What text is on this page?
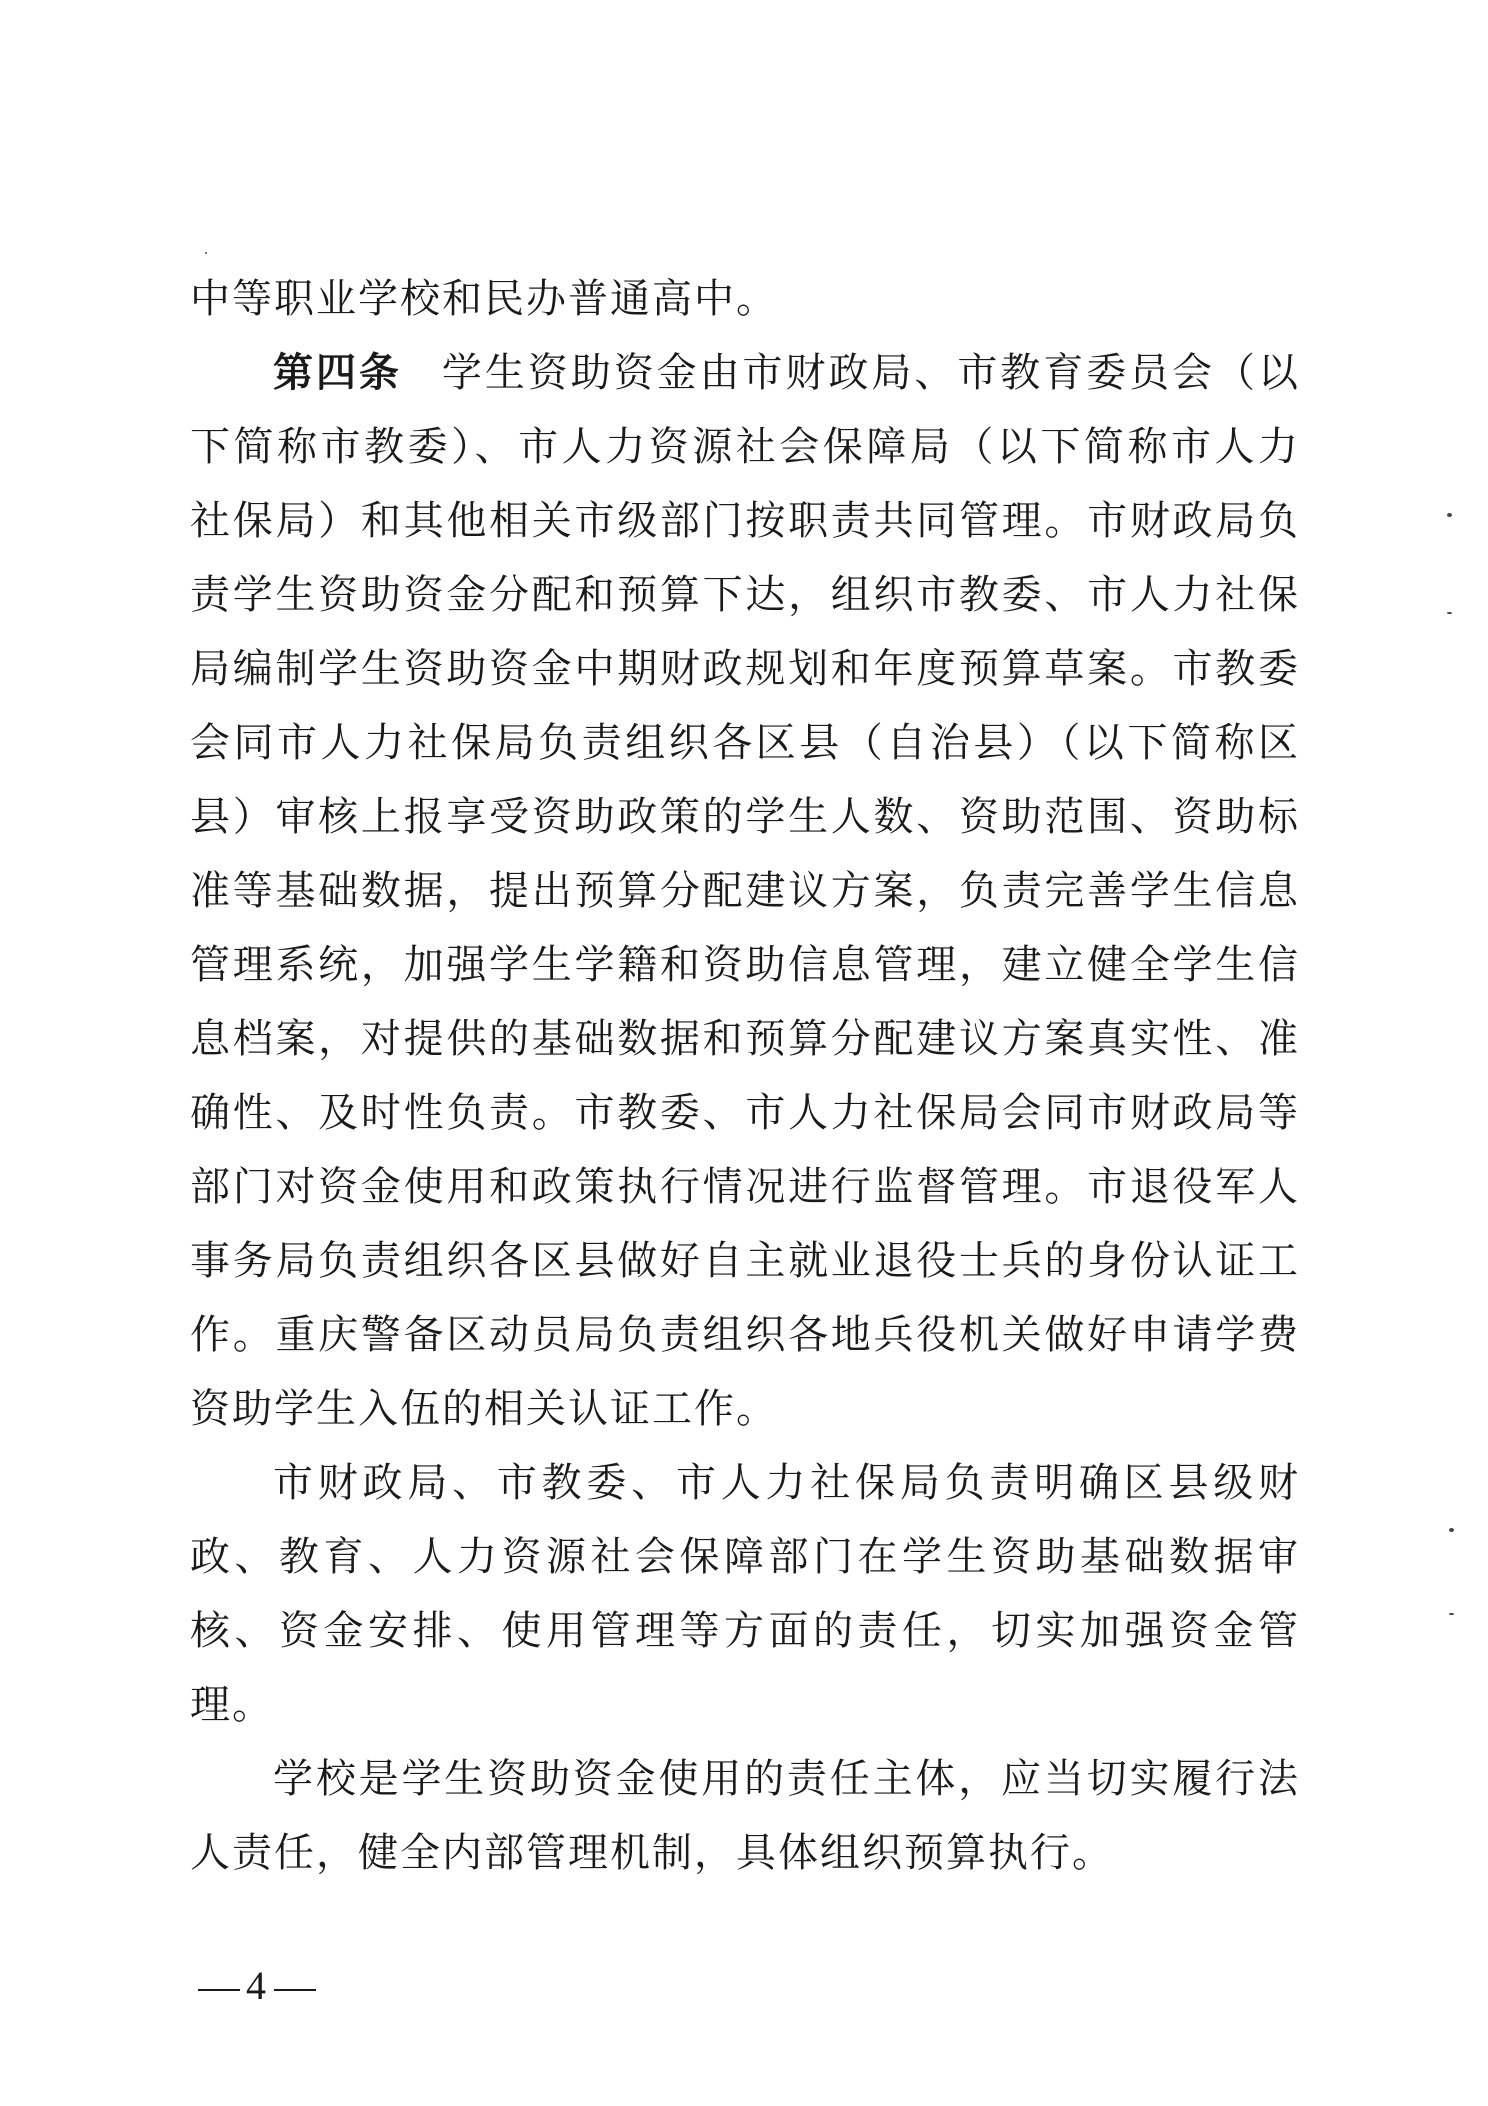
中等职业学校和民办普通高中。

第四条 学生资助资金由市财政局、市教育委员会（以下简称市教委）、市人力资源社会保障局（以下简称市人力社保局）和其他相关市级部门按职责共同管理。市财政局负责学生资助资金分配和预算下达，组织市教委、市人力社保局编制学生资助资金中期财政规划和年度预算草案。市教委会同市人力社保局负责组织各区县（自治县）（以下简称区县）审核上报享受资助政策的学生人数、资助范围、资助标准等基础数据，提出预算分配建议方案，负责完善学生信息管理系统，加强学生学籍和资助信息管理，建立健全学生信息档案，对提供的基础数据和预算分配建议方案真实性、准确性、及时性负责。市教委、市人力社保局会同市财政局等部门对资金使用和政策执行情况进行监督管理。市退役军人事务局负责组织各区县做好自主就业退役士兵的身份认证工作。重庆警备区动员局负责组织各地兵役机关做好申请学费资助学生入伍的相关认证工作。

市财政局、市教委、市人力社保局负责明确区县级财政、教育、人力资源社会保障部门在学生资助基础数据审核、资金安排、使用管理等方面的责任，切实加强资金管理。

学校是学生资助资金使用的责任主体，应当切实履行法人责任，健全内部管理机制，具体组织预算执行。

4
